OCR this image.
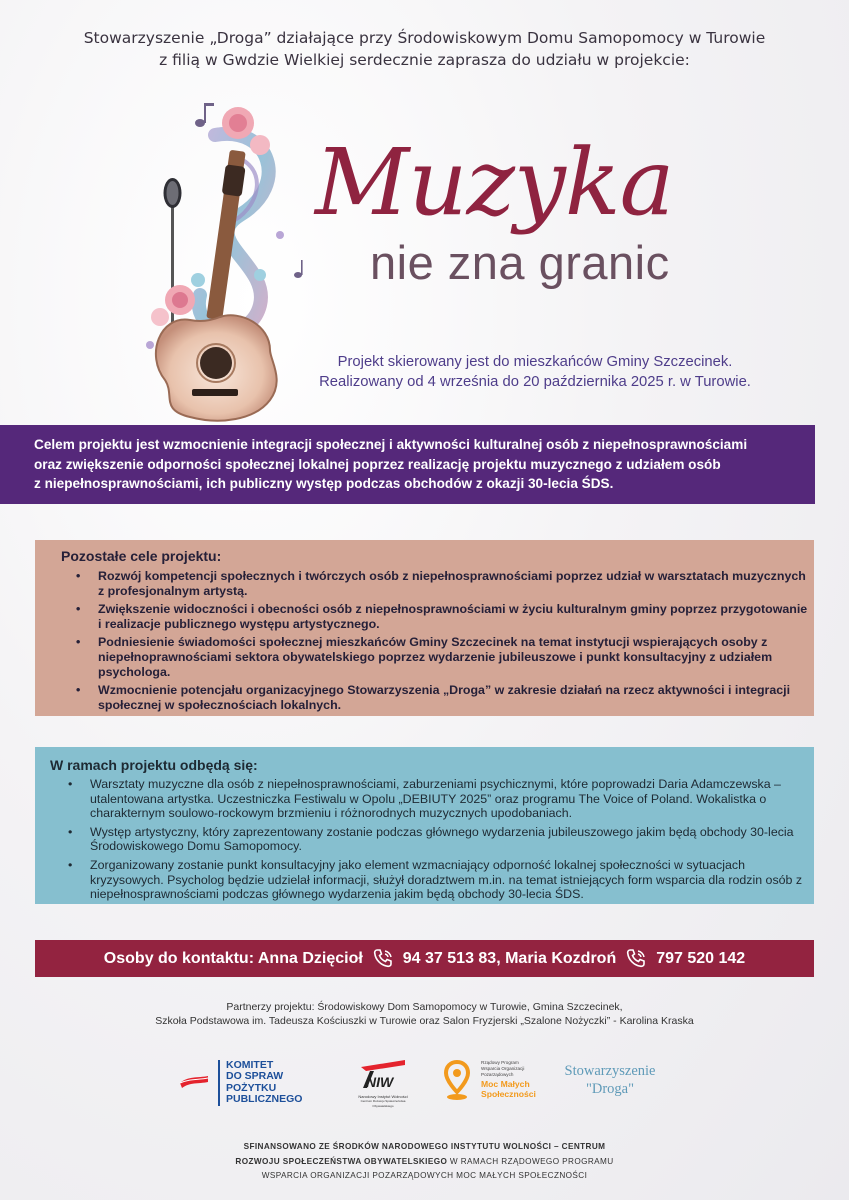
Stowarzyszenie „Droga” działające przy Środowiskowym Domu Samopomocy w Turowie
z filią w Gwdzie Wielkiej serdecznie zaprasza do udziału w projekcie:
Muzyka
nie zna granic
Projekt skierowany jest do mieszkańców Gminy Szczecinek.
Realizowany od 4 września do 20 października 2025 r. w Turowie.
Celem projektu jest wzmocnienie integracji społecznej i aktywności kulturalnej osób z niepełnosprawnościami
oraz zwiększenie odporności społecznej lokalnej poprzez realizację projektu muzycznego z udziałem osób
z niepełnosprawnościami, ich publiczny występ podczas obchodów z okazji 30-lecia ŚDS.
Pozostałe cele projektu:
• Rozwój kompetencji społecznych i twórczych osób z niepełnosprawnościami poprzez udział w warsztatach muzycznych z profesjonalnym artystą.
• Zwiększenie widoczności i obecności osób z niepełnosprawnościami w życiu kulturalnym gminy poprzez przygotowanie i realizacje publicznego występu artystycznego.
• Podniesienie świadomości społecznej mieszkańców Gminy Szczecinek na temat instytucji wspierających osoby z niepełnoprawnościami sektora obywatelskiego poprzez wydarzenie jubileuszowe i punkt konsultacyjny z udziałem psychologa.
• Wzmocnienie potencjału organizacyjnego Stowarzyszenia „Droga” w zakresie działań na rzecz aktywności i integracji społecznej w społecznościach lokalnych.
W ramach projektu odbędą się:
• Warsztaty muzyczne dla osób z niepełnosprawnościami, zaburzeniami psychicznymi, które poprowadzi Daria Adamczewska – utalentowana artystka. Uczestniczka Festiwalu w Opolu „DEBIUTY 2025” oraz programu The Voice of Poland. Wokalistka o charakternym soulowo-rockowym brzmieniu i różnorodnych muzycznych upodobaniach.
• Występ artystyczny, który zaprezentowany zostanie podczas głównego wydarzenia jubileuszowego jakim będą obchody 30-lecia Środowiskowego Domu Samopomocy.
• Zorganizowany zostanie punkt konsultacyjny jako element wzmacniający odporność lokalnej społeczności w sytuacjach kryzysowych. Psycholog będzie udzielał informacji, służył doradztwem m.in. na temat istniejących form wsparcia dla rodzin osób z niepełnosprawnościami podczas głównego wydarzenia jakim będą obchody 30-lecia ŚDS.
Osoby do kontaktu: Anna Dzięcioł	94 37 513 83, Maria Kozdroń	797 520 142
Partnerzy projektu: Środowiskowy Dom Samopomocy w Turowie, Gmina Szczecinek,
Szkoła Podstawowa im. Tadeusza Kościuszki w Turowie oraz Salon Fryzjerski „Szalone Nożyczki” - Karolina Kraska
KOMITET
DO SPRAW
POŻYTKU
PUBLICZNEGO
NIW
Narodowy Instytut Wolności
Centrum Rozwoju Społeczeństwa Obywatelskiego
Rządowy Program
Wsparcia Organizacji
Pozarządowych
Moc Małych
Społeczności
Stowarzyszenie
"Droga"
SFINANSOWANO ZE ŚRODKÓW NARODOWEGO INSTYTUTU WOLNOŚCI – CENTRUM
ROZWOJU SPOŁECZEŃSTWA OBYWATELSKIEGO W RAMACH RZĄDOWEGO PROGRAMU
WSPARCIA ORGANIZACJI POZARZĄDOWYCH MOC MAŁYCH SPOŁECZNOŚCI
